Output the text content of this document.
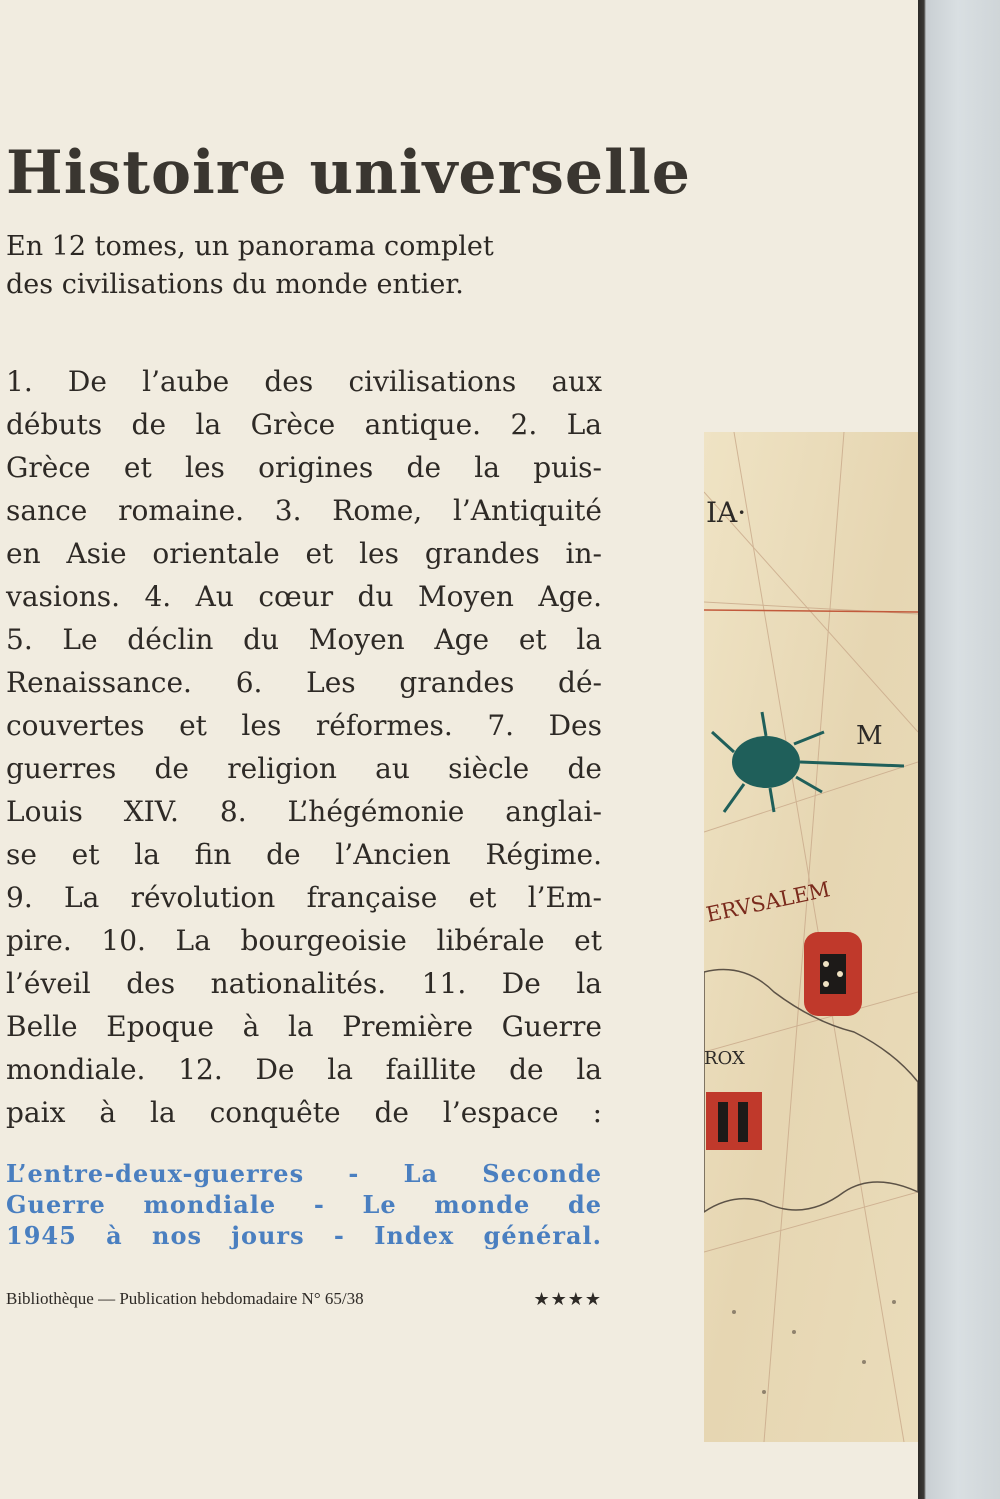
Histoire universelle

En 12 tomes, un panorama complet
des civilisations du monde entier.

1. De l’aube des civilisations aux
débuts de la Grèce antique. 2. La
Grèce et les origines de la puis-
sance romaine. 3. Rome, l’Antiquité
en Asie orientale et les grandes in-
vasions. 4. Au cœur du Moyen Age.
5. Le déclin du Moyen Age et la
Renaissance. 6. Les grandes dé-
couvertes et les réformes. 7. Des
guerres de religion au siècle de
Louis XIV. 8. L’hégémonie anglai-
se et la fin de l’Ancien Régime.
9. La révolution française et l’Em-
pire. 10. La bourgeoisie libérale et
l’éveil des nationalités. 11. De la
Belle Epoque à la Première Guerre
mondiale. 12. De la faillite de la
paix à la conquête de l’espace :

L’entre-deux-guerres - La Seconde
Guerre mondiale - Le monde de
1945 à nos jours - Index général.

Bibliothèque — Publication hebdomadaire N° 65/38	★★★★
IA·
M
ERVSALEM
ROX
